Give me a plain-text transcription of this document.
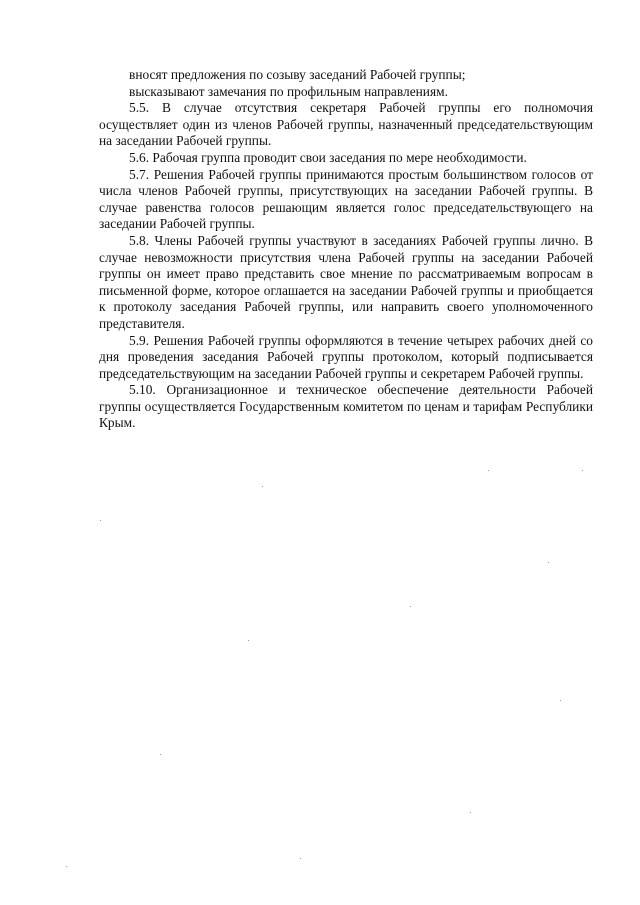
вносят предложения по созыву заседаний Рабочей группы;

высказывают замечания по профильным направлениям.

5.5. В случае отсутствия секретаря Рабочей группы его полномочия осуществляет один из членов Рабочей группы, назначенный председательствующим на заседании Рабочей группы.

5.6. Рабочая группа проводит свои заседания по мере необходимости.

5.7. Решения Рабочей группы принимаются простым большинством голосов от числа членов Рабочей группы, присутствующих на заседании Рабочей группы. В случае равенства голосов решающим является голос председательствующего на заседании Рабочей группы.

5.8. Члены Рабочей группы участвуют в заседаниях Рабочей группы лично. В случае невозможности присутствия члена Рабочей группы на заседании Рабочей группы он имеет право представить свое мнение по рассматриваемым вопросам в письменной форме, которое оглашается на заседании Рабочей группы и приобщается к протоколу заседания Рабочей группы, или направить своего уполномоченного представителя.

5.9. Решения Рабочей группы оформляются в течение четырех рабочих дней со дня проведения заседания Рабочей группы протоколом, который подписывается председательствующим на заседании Рабочей группы и секретарем Рабочей группы.

5.10. Организационное и техническое обеспечение деятельности Рабочей группы осуществляется Государственным комитетом по ценам и тарифам Республики Крым.
